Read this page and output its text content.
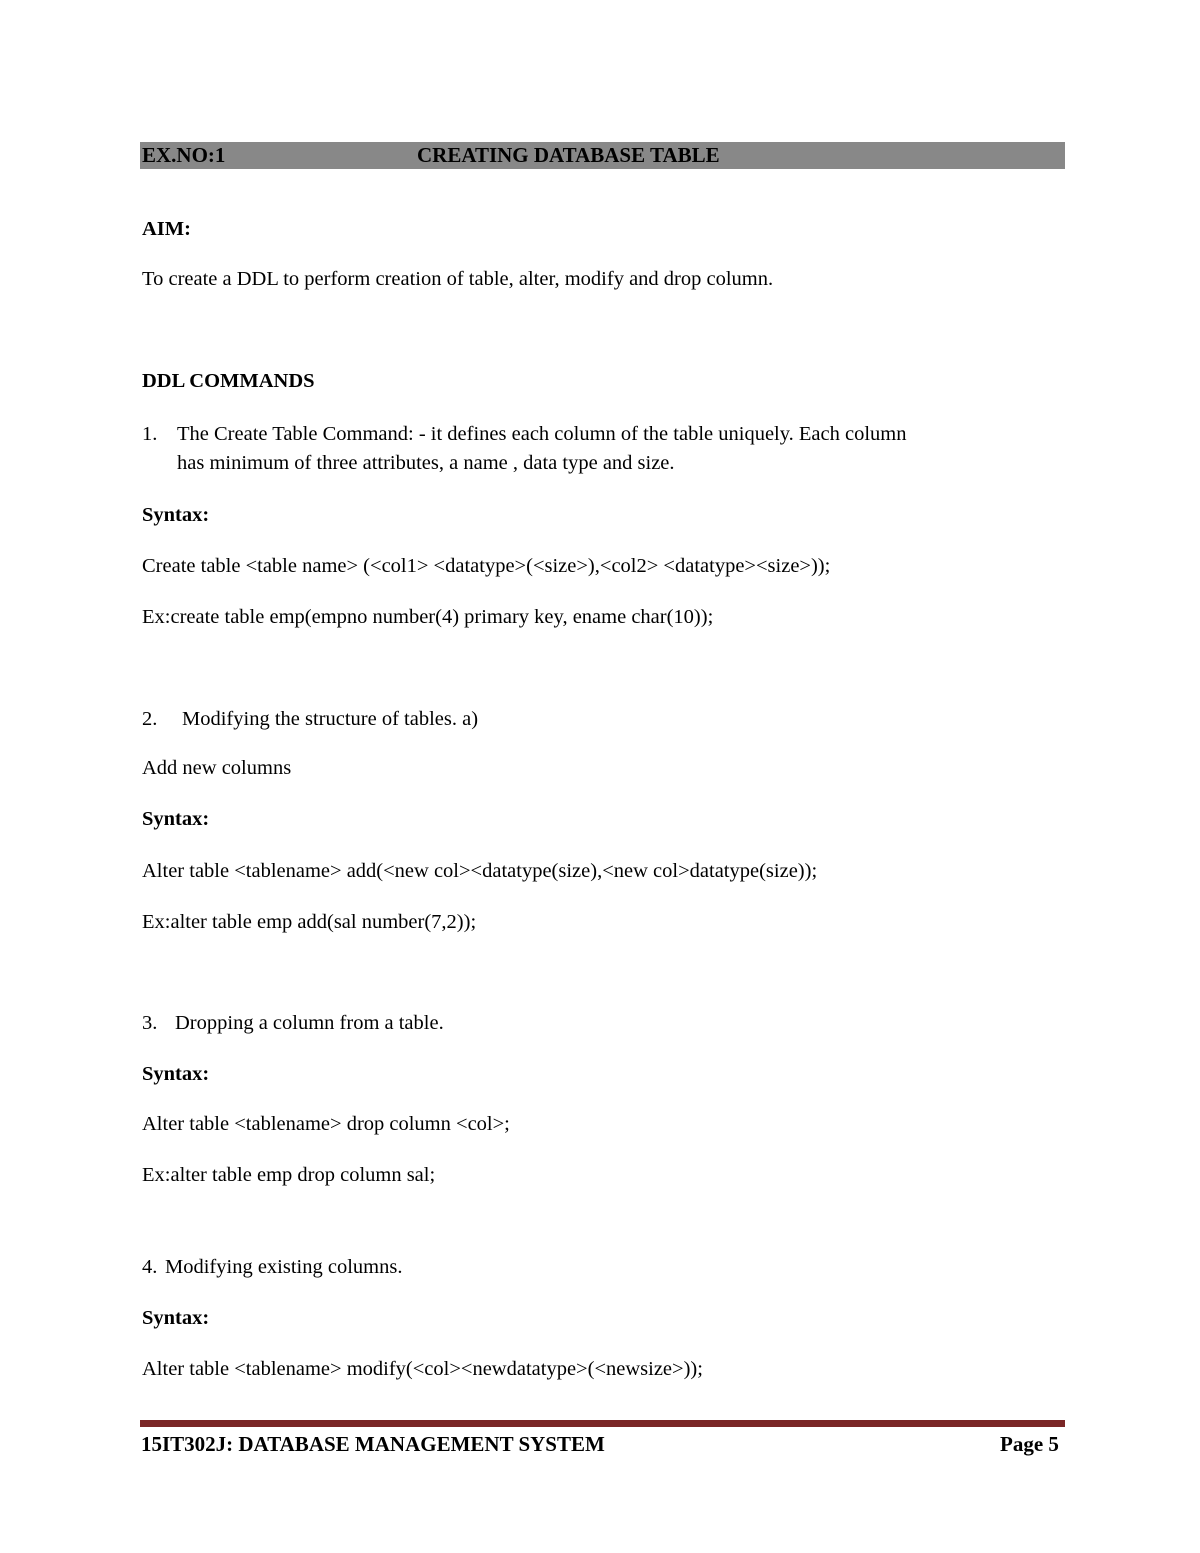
EX.NO:1	CREATING DATABASE TABLE
AIM:
To create a DDL to perform creation of table, alter, modify and drop column.
DDL COMMANDS
1. The Create Table Command: - it defines each column of the table uniquely. Each column
has minimum of three attributes, a name , data type and size.
Syntax:
Create table <table name> (<col1> <datatype>(<size>),<col2> <datatype><size>));
Ex:create table emp(empno number(4) primary key, ename char(10));
2. Modifying the structure of tables. a)
Add new columns
Syntax:
Alter table <tablename> add(<new col><datatype(size),<new col>datatype(size));
Ex:alter table emp add(sal number(7,2));
3. Dropping a column from a table.
Syntax:
Alter table <tablename> drop column <col>;
Ex:alter table emp drop column sal;
4. Modifying existing columns.
Syntax:
Alter table <tablename> modify(<col><newdatatype>(<newsize>));
15IT302J: DATABASE MANAGEMENT SYSTEM	Page 5
